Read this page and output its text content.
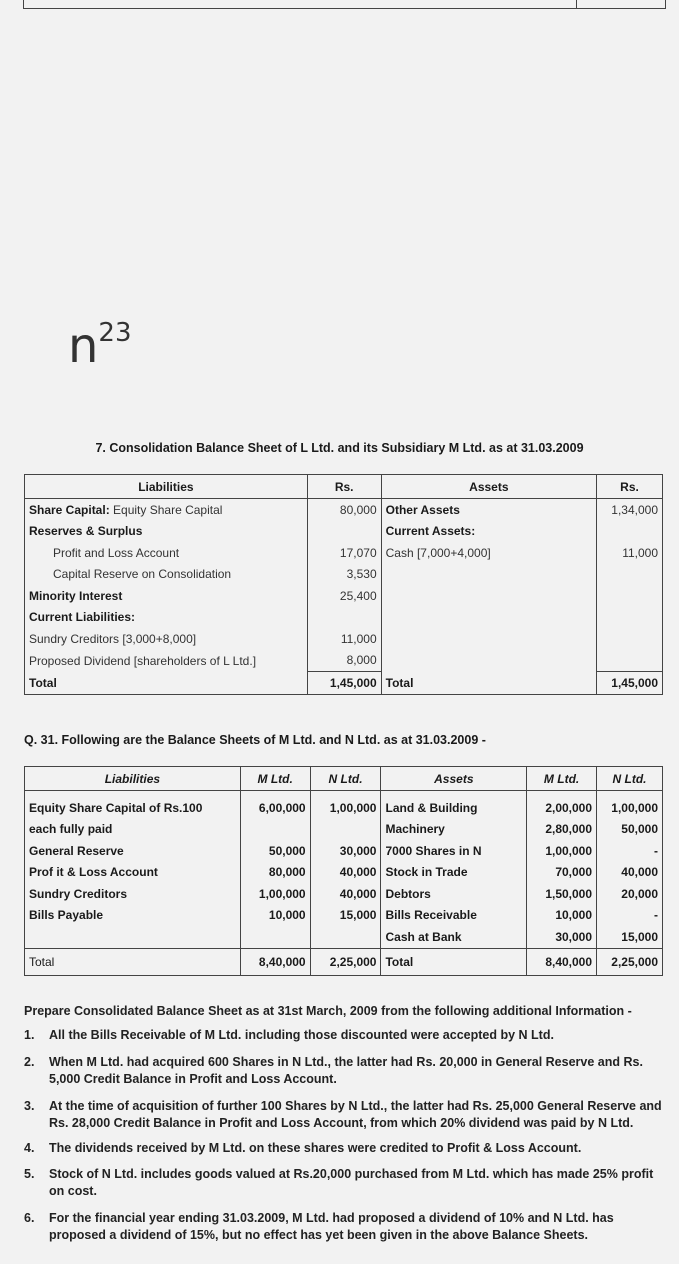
$n^{23}$
7. Consolidation Balance Sheet of L Ltd. and its Subsidiary M Ltd. as at 31.03.2009
Liabilities	Rs.	Assets	Rs.
Share Capital: Equity Share Capital	80,000	Other Assets	1,34,000
Reserves & Surplus		Current Assets:	
Profit and Loss Account	17,070	Cash [7,000+4,000]	11,000
Capital Reserve on Consolidation	3,530		
Minority Interest	25,400		
Current Liabilities:			
Sundry Creditors [3,000+8,000]	11,000		
Proposed Dividend [shareholders of L Ltd.]	8,000		
Total	1,45,000	Total	1,45,000
Q. 31. Following are the Balance Sheets of M Ltd. and N Ltd. as at 31.03.2009 -
Liabilities	M Ltd.	N Ltd.	Assets	M Ltd.	N Ltd.
Equity Share Capital of Rs.100	6,00,000	1,00,000	Land & Building	2,00,000	1,00,000
each fully paid			Machinery	2,80,000	50,000
General Reserve	50,000	30,000	7000 Shares in N	1,00,000	-
Prof it & Loss Account	80,000	40,000	Stock in Trade	70,000	40,000
Sundry Creditors	1,00,000	40,000	Debtors	1,50,000	20,000
Bills Payable	10,000	15,000	Bills Receivable	10,000	-
			Cash at Bank	30,000	15,000
Total	8,40,000	2,25,000	Total	8,40,000	2,25,000
Prepare Consolidated Balance Sheet as at 31st March, 2009 from the following additional Information -
1. All the Bills Receivable of M Ltd. including those discounted were accepted by N Ltd.
2. When M Ltd. had acquired 600 Shares in N Ltd., the latter had Rs. 20,000 in General Reserve and Rs. 5,000 Credit Balance in Profit and Loss Account.
3. At the time of acquisition of further 100 Shares by N Ltd., the latter had Rs. 25,000 General Reserve and Rs. 28,000 Credit Balance in Profit and Loss Account, from which 20% dividend was paid by N Ltd.
4. The dividends received by M Ltd. on these shares were credited to Profit & Loss Account.
5. Stock of N Ltd. includes goods valued at Rs.20,000 purchased from M Ltd. which has made 25% profit on cost.
6. For the financial year ending 31.03.2009, M Ltd. had proposed a dividend of 10% and N Ltd. has proposed a dividend of 15%, but no effect has yet been given in the above Balance Sheets.
